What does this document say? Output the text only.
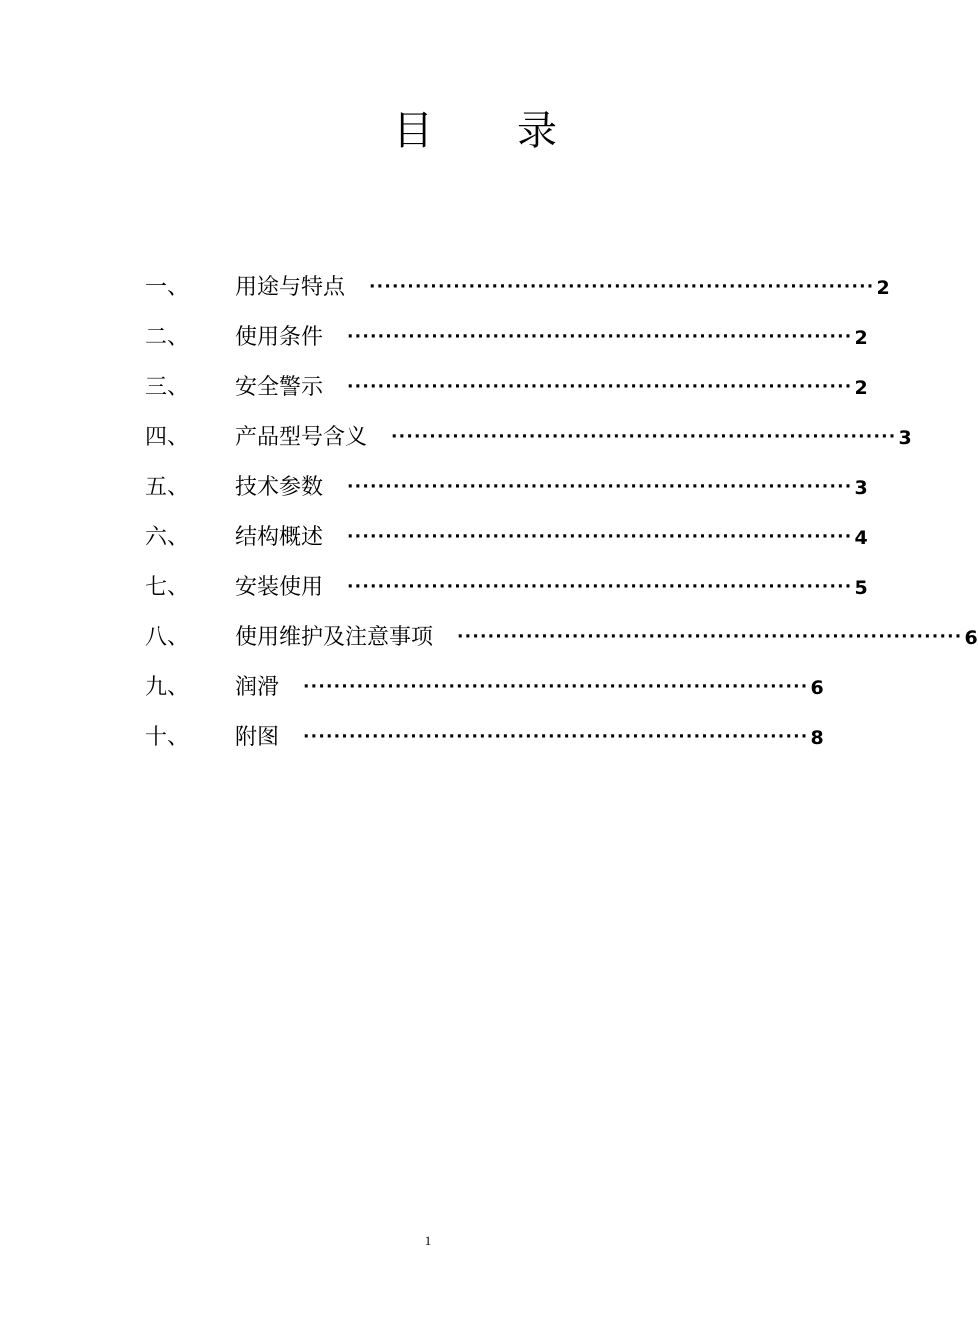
目 录
一、	用途与特点	·································································· 2
二、	使用条件	·································································· 2
三、	安全警示	·································································· 2
四、	产品型号含义	·································································· 3
五、	技术参数	·································································· 3
六、	结构概述	·································································· 4
七、	安装使用	·································································· 5
八、	使用维护及注意事项	·································································· 6
九、	润滑	·································································· 6
十、	附图	·································································· 8
1
